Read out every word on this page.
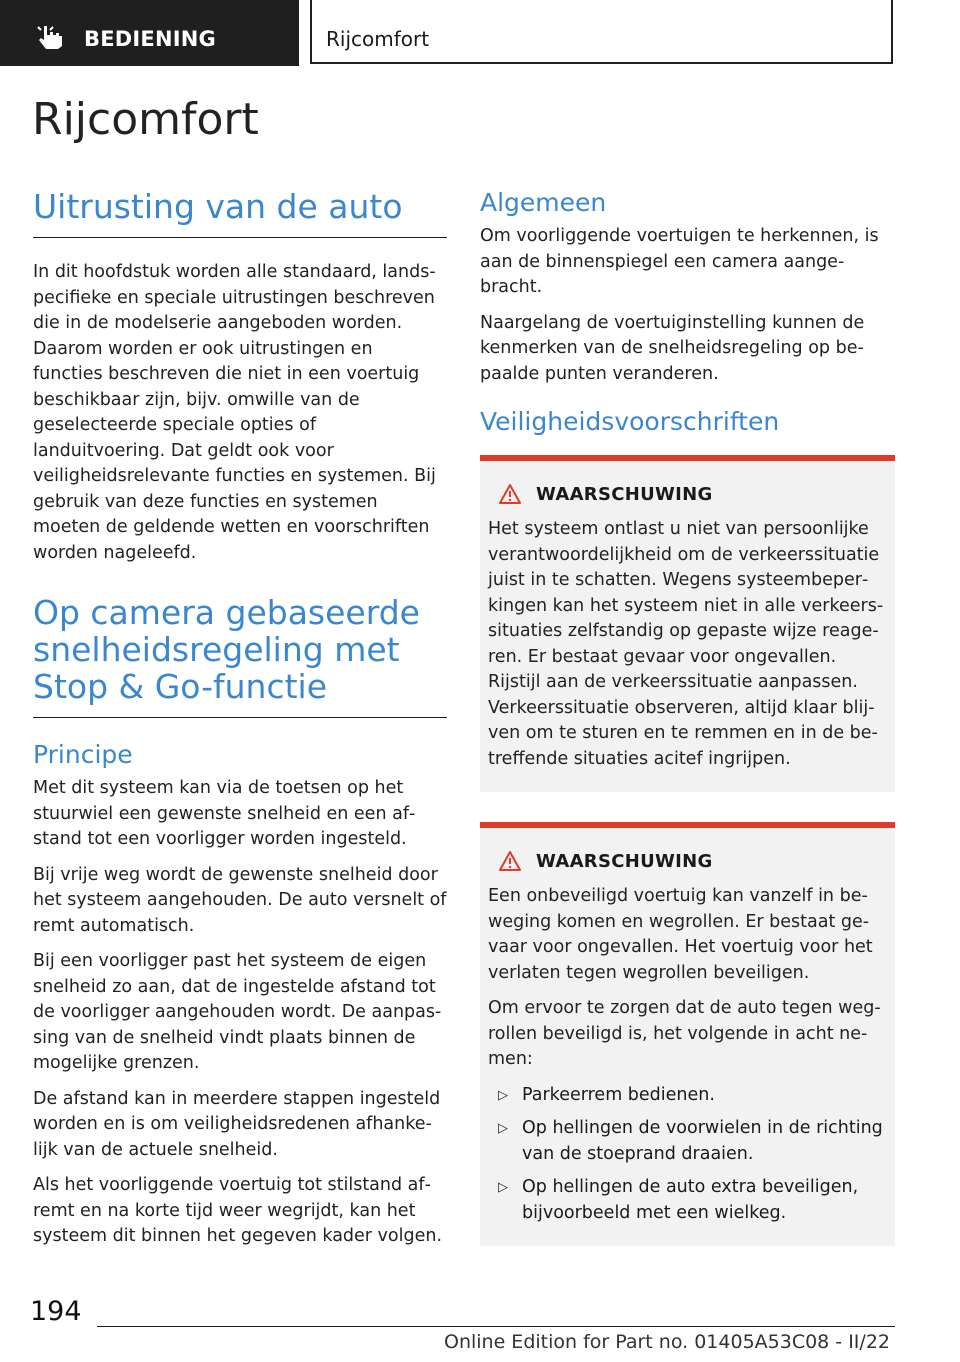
BEDIENING	Rijcomfort
Rijcomfort
Uitrusting van de auto

In dit hoofdstuk worden alle standaard, landspecifieke en speciale uitrustingen beschreven die in de modelserie aangeboden worden. Daarom worden er ook uitrustingen en functies beschreven die niet in een voertuig beschikbaar zijn, bijv. omwille van de geselecteerde speciale opties of landuitvoering. Dat geldt ook voor veiligheidsrelevante functies en systemen. Bij gebruik van deze functies en systemen moeten de geldende wetten en voorschriften worden nageleefd.

Op camera gebaseerde snelheidsregeling met Stop & Go-functie
Principe

Met dit systeem kan via de toetsen op het stuurwiel een gewenste snelheid en een afstand tot een voorligger worden ingesteld.

Bij vrije weg wordt de gewenste snelheid door het systeem aangehouden. De auto versnelt of remt automatisch.

Bij een voorligger past het systeem de eigen snelheid zo aan, dat de ingestelde afstand tot de voorligger aangehouden wordt. De aanpassing van de snelheid vindt plaats binnen de mogelijke grenzen.

De afstand kan in meerdere stappen ingesteld worden en is om veiligheidsredenen afhankelijk van de actuele snelheid.

Als het voorliggende voertuig tot stilstand afremt en na korte tijd weer wegrijdt, kan het systeem dit binnen het gegeven kader volgen.

Algemeen

Om voorliggende voertuigen te herkennen, is aan de binnenspiegel een camera aangebracht.

Naargelang de voertuiginstelling kunnen de kenmerken van de snelheidsregeling op bepaalde punten veranderen.

Veiligheidsvoorschriften
WAARSCHUWING

Het systeem ontlast u niet van persoonlijke verantwoordelijkheid om de verkeerssituatie juist in te schatten. Wegens systeembeperkingen kan het systeem niet in alle verkeerssituaties zelfstandig op gepaste wijze reageren. Er bestaat gevaar voor ongevallen. Rijstijl aan de verkeerssituatie aanpassen. Verkeerssituatie observeren, altijd klaar blijven om te sturen en te remmen en in de betreffende situaties acitef ingrijpen.

WAARSCHUWING

Een onbeveiligd voertuig kan vanzelf in beweging komen en wegrollen. Er bestaat gevaar voor ongevallen. Het voertuig voor het verlaten tegen wegrollen beveiligen.

Om ervoor te zorgen dat de auto tegen wegrollen beveiligd is, het volgende in acht nemen:

▷ Parkeerrem bedienen.
▷ Op hellingen de voorwielen in de richting van de stoeprand draaien.
▷ Op hellingen de auto extra beveiligen, bijvoorbeeld met een wielkeg.
194
Online Edition for Part no. 01405A53C08 - II/22
